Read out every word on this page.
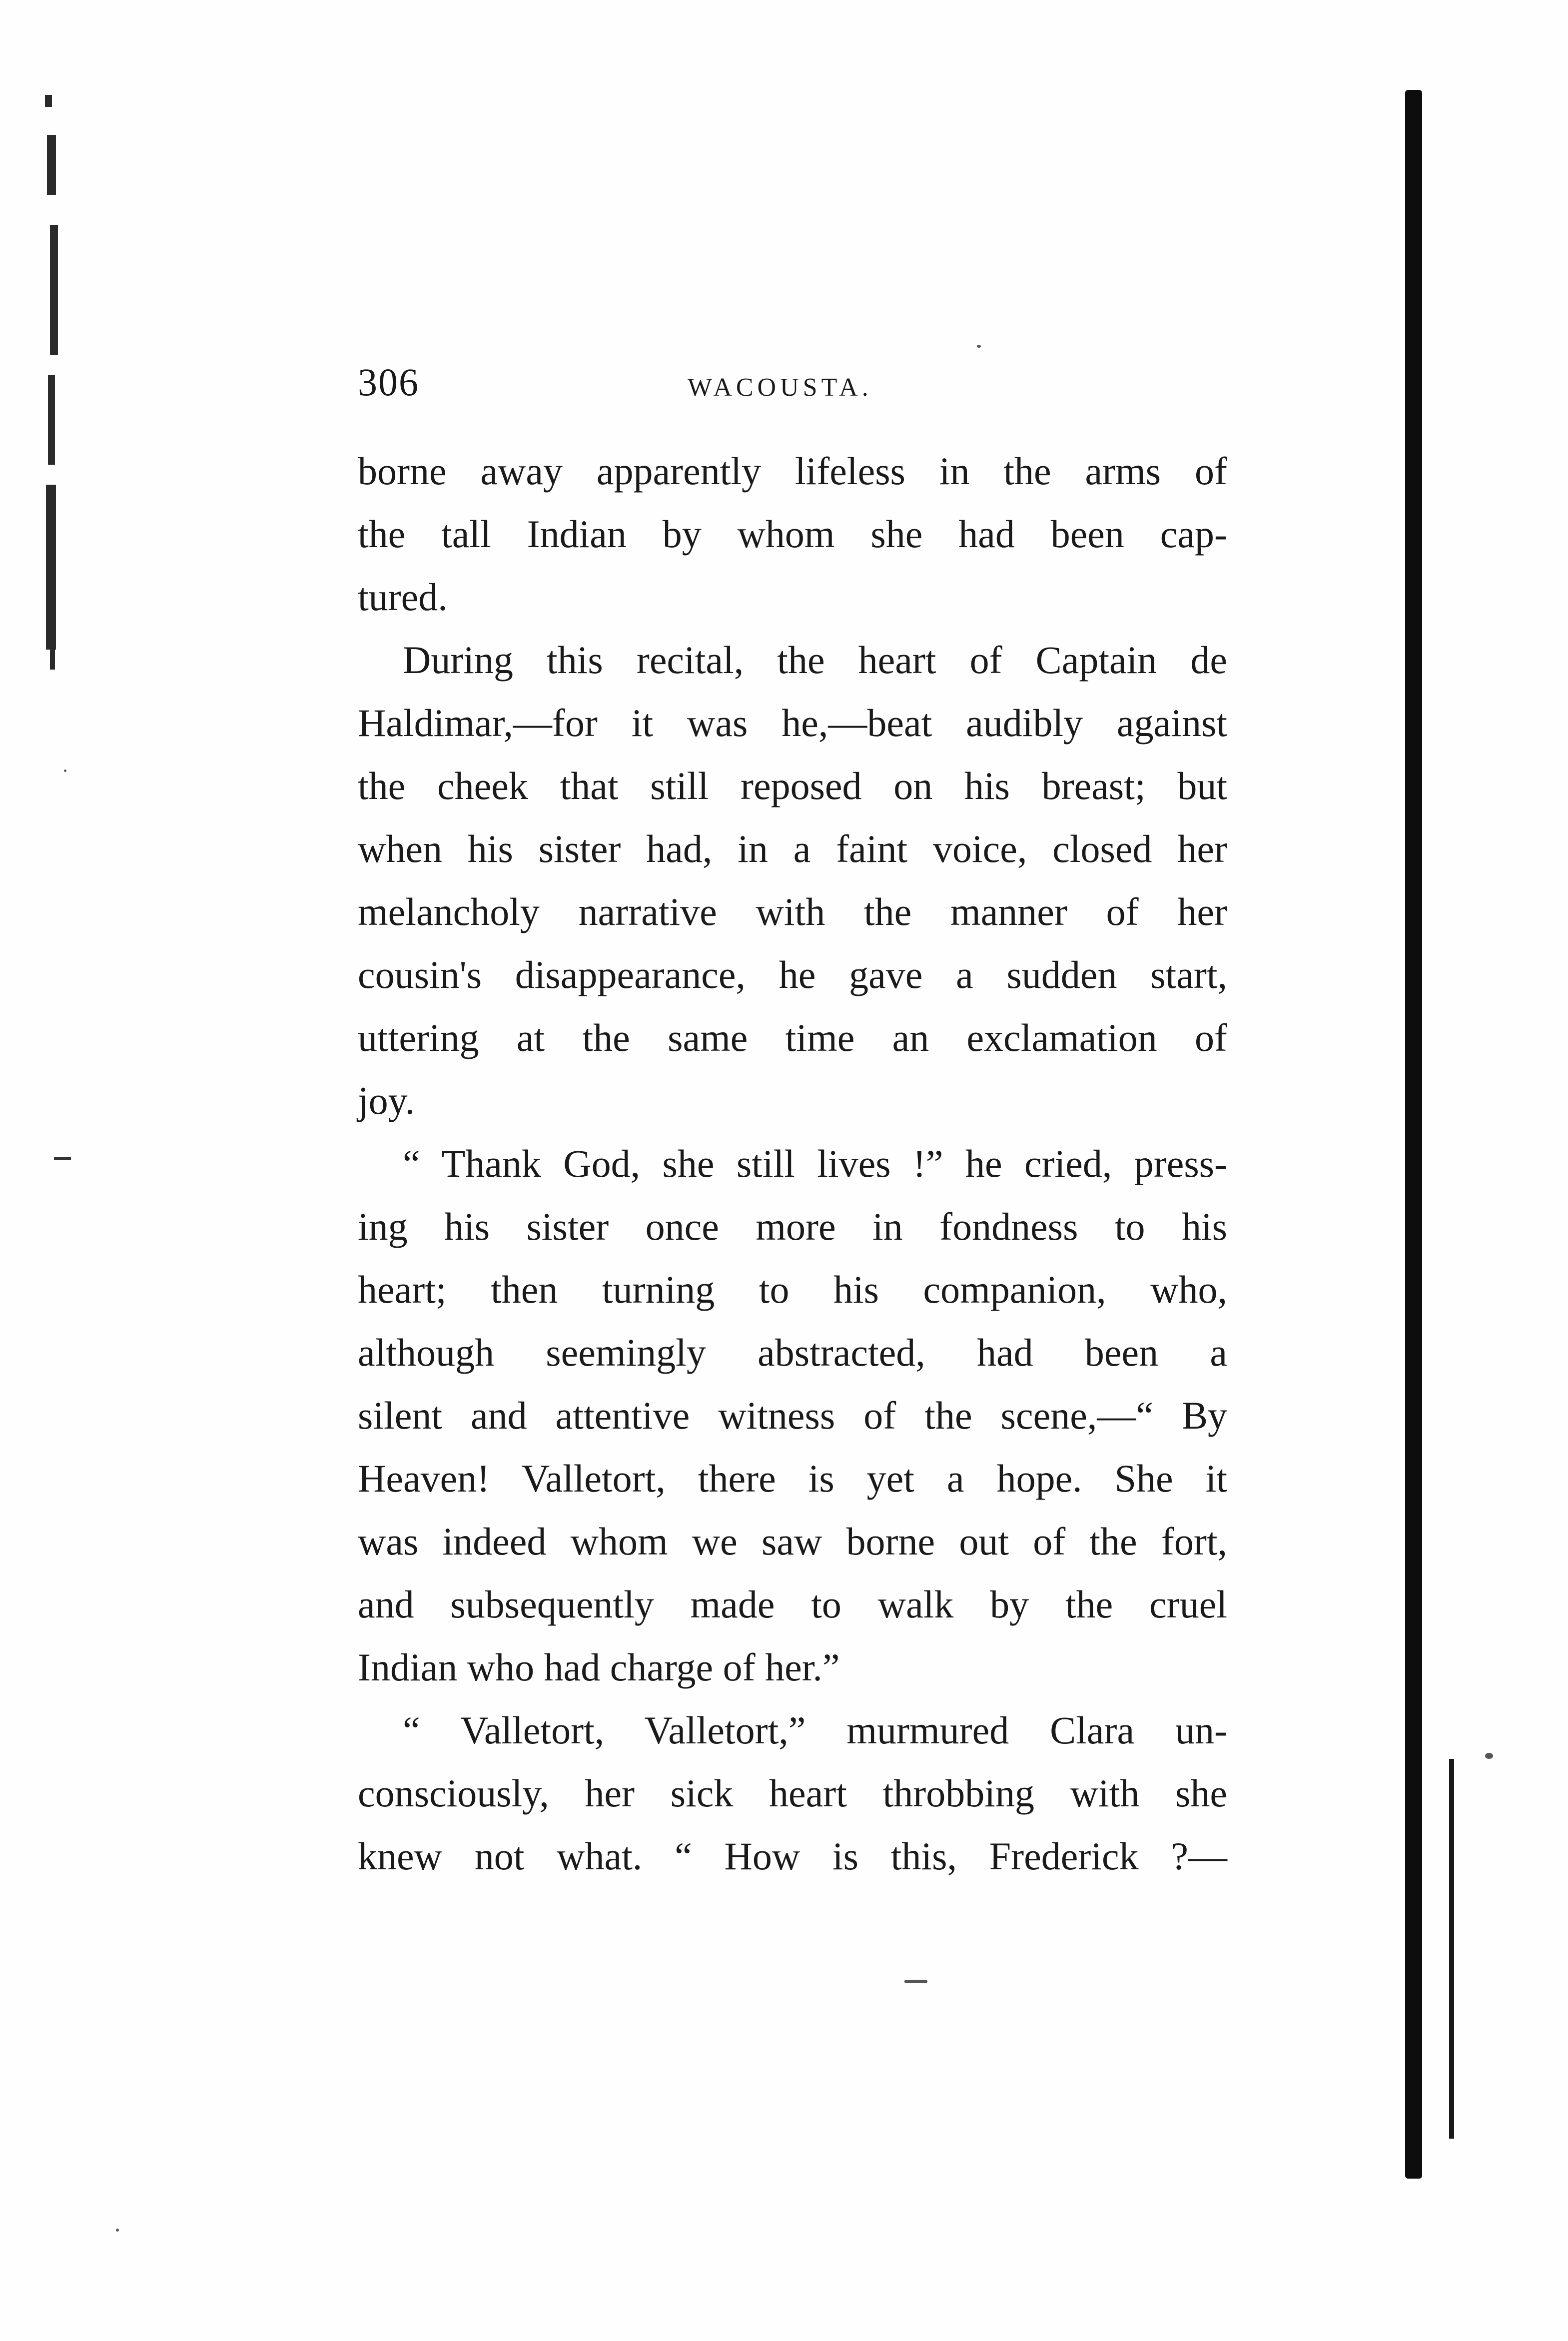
306	WACOUSTA.
borne away apparently lifeless in the arms of
the tall Indian by whom she had been cap-
tured.
During this recital, the heart of Captain de
Haldimar,—for it was he,—beat audibly against
the cheek that still reposed on his breast; but
when his sister had, in a faint voice, closed her
melancholy narrative with the manner of her
cousin's disappearance, he gave a sudden start,
uttering at the same time an exclamation of
joy.
“ Thank God, she still lives !” he cried, press-
ing his sister once more in fondness to his
heart; then turning to his companion, who,
although seemingly abstracted, had been a
silent and attentive witness of the scene,—“ By
Heaven! Valletort, there is yet a hope. She it
was indeed whom we saw borne out of the fort,
and subsequently made to walk by the cruel
Indian who had charge of her.”
“ Valletort, Valletort,” murmured Clara un-
consciously, her sick heart throbbing with she
knew not what. “ How is this, Frederick ?—
